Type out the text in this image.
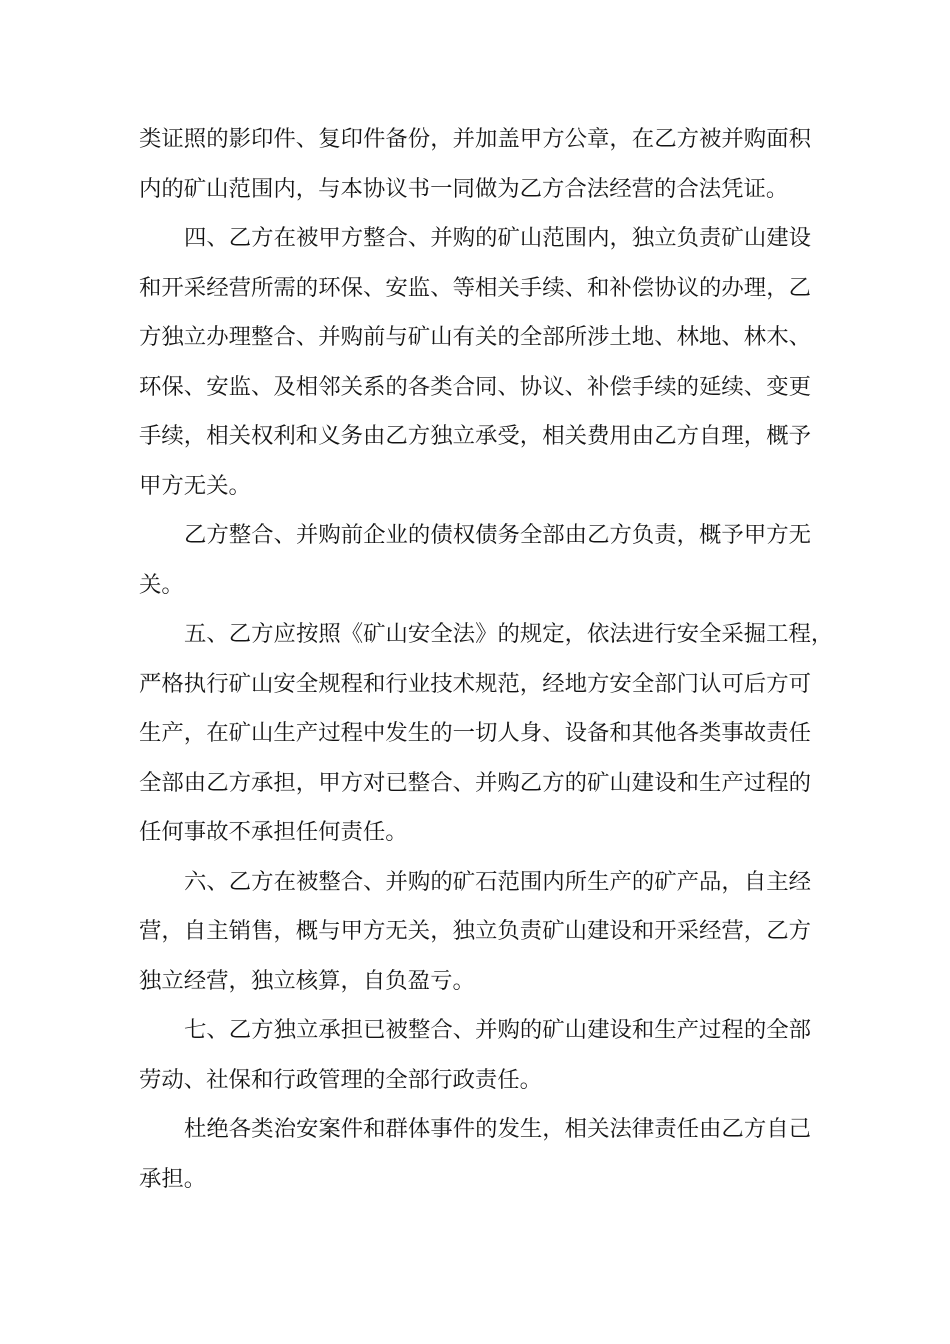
类证照的影印件、复印件备份，并加盖甲方公章，在乙方被并购面积
内的矿山范围内，与本协议书一同做为乙方合法经营的合法凭证。

四、乙方在被甲方整合、并购的矿山范围内，独立负责矿山建设
和开采经营所需的环保、安监、等相关手续、和补偿协议的办理，乙
方独立办理整合、并购前与矿山有关的全部所涉土地、林地、林木、
环保、安监、及相邻关系的各类合同、协议、补偿手续的延续、变更
手续，相关权利和义务由乙方独立承受，相关费用由乙方自理，概予
甲方无关。

乙方整合、并购前企业的债权债务全部由乙方负责，概予甲方无
关。

五、乙方应按照《矿山安全法》的规定，依法进行安全采掘工程，
严格执行矿山安全规程和行业技术规范，经地方安全部门认可后方可
生产，在矿山生产过程中发生的一切人身、设备和其他各类事故责任
全部由乙方承担，甲方对已整合、并购乙方的矿山建设和生产过程的
任何事故不承担任何责任。

六、乙方在被整合、并购的矿石范围内所生产的矿产品，自主经
营，自主销售，概与甲方无关，独立负责矿山建设和开采经营，乙方
独立经营，独立核算，自负盈亏。

七、乙方独立承担已被整合、并购的矿山建设和生产过程的全部
劳动、社保和行政管理的全部行政责任。

杜绝各类治安案件和群体事件的发生，相关法律责任由乙方自己
承担。
